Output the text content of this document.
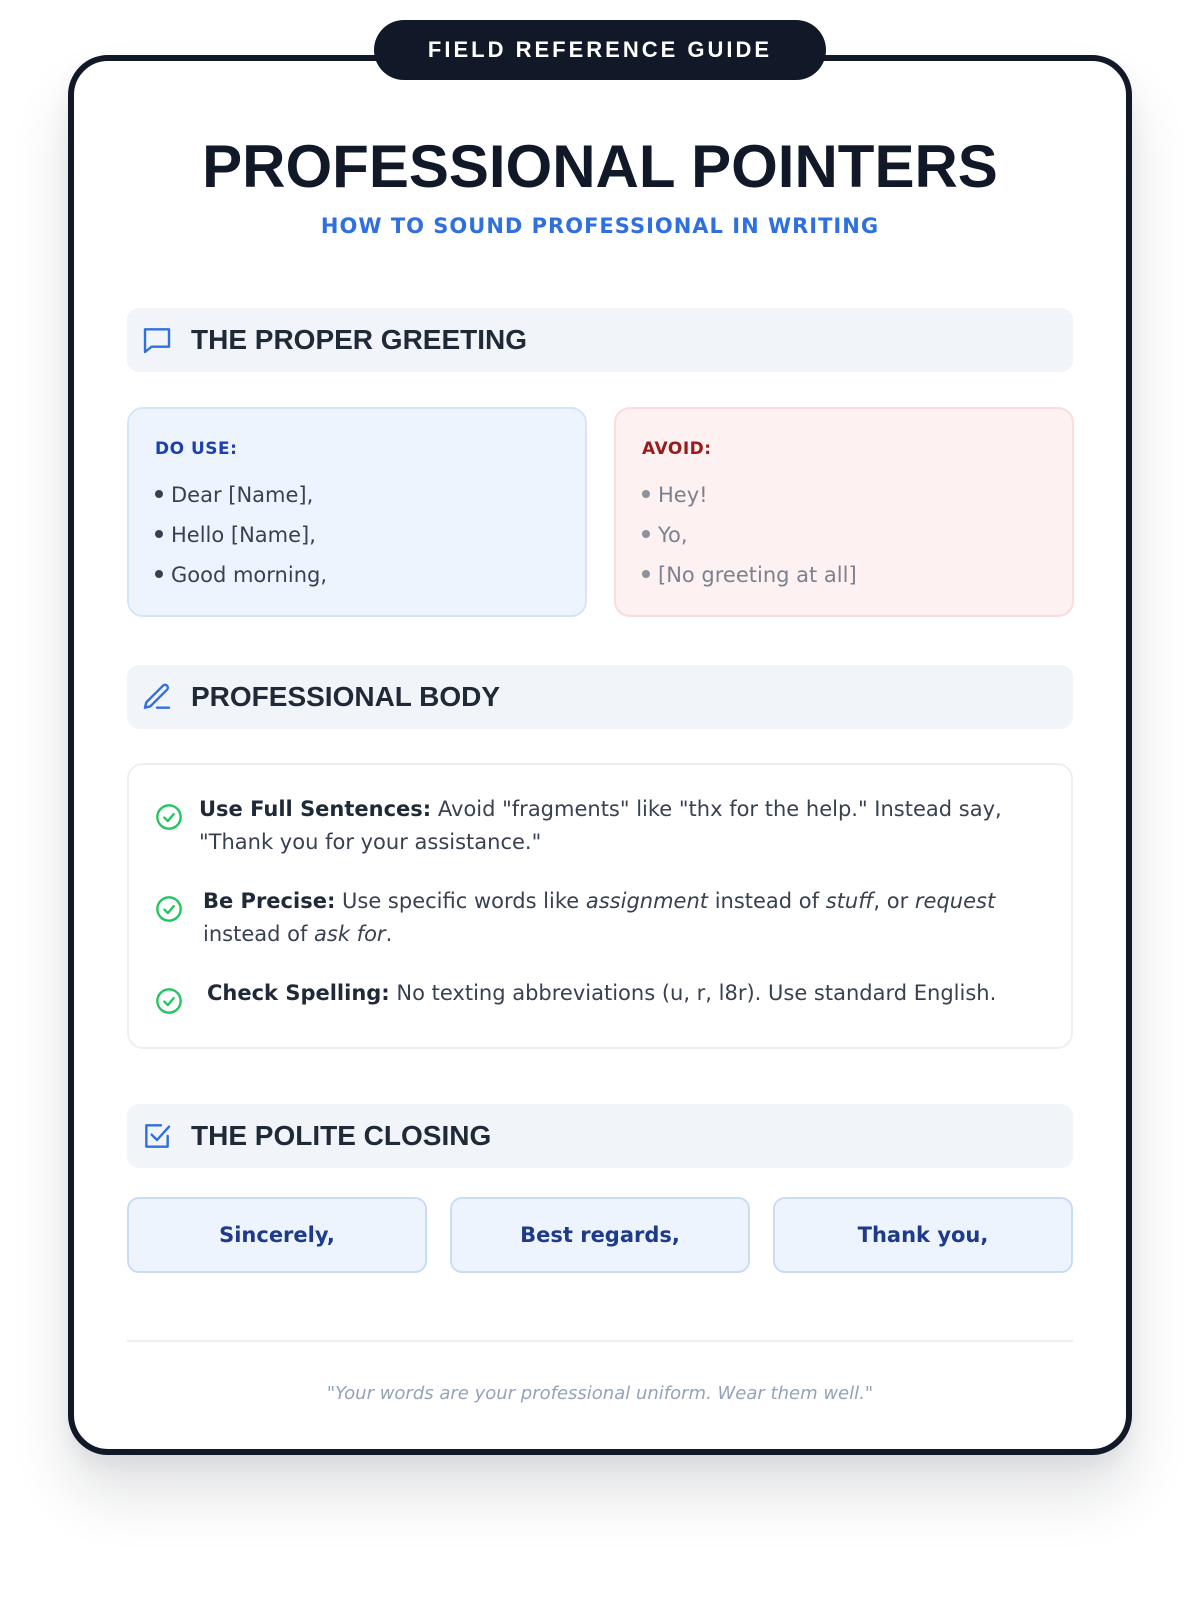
FIELD REFERENCE GUIDE
PROFESSIONAL POINTERS
HOW TO SOUND PROFESSIONAL IN WRITING
THE PROPER GREETING
DO USE:
Dear [Name],
Hello [Name],
Good morning,
AVOID:
Hey!
Yo,
[No greeting at all]
PROFESSIONAL BODY
Use Full Sentences: Avoid "fragments" like "thx for the help." Instead say, "Thank you for your assistance."
Be Precise: Use specific words like assignment instead of stuff, or request instead of ask for.
Check Spelling: No texting abbreviations (u, r, l8r). Use standard English.
THE POLITE CLOSING
Sincerely,	Best regards,	Thank you,
"Your words are your professional uniform. Wear them well."
